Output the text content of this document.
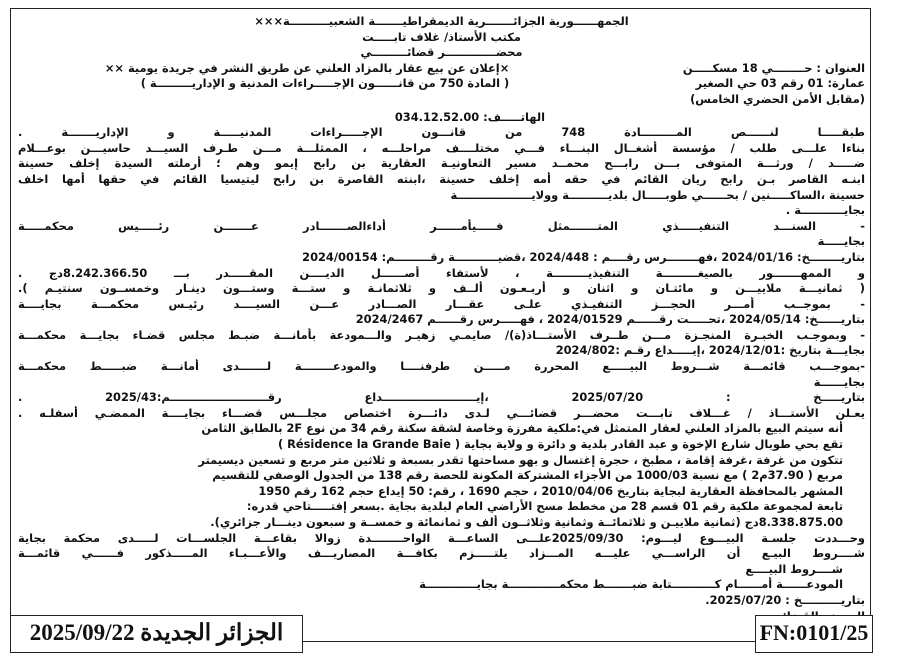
الجمهــــــورية الجزائـــــــرية الديمقراطيـــــــة الشعبيــــــــــة×××
مكتب الأستاذ/ غلاف تابـــــت
محضـــــــــــــر قضائـــــــــي
العنوان : حــــــــي 18 مسكـــــن
عمارة: 01 رقم 03 حي الصغير
(مقابل الأمن الحضري الخامس)
×إعلان عن بيع عقار بالمزاد العلني عن طريق النشر في جريدة يومية ××
( المادة 750 من قانــــــون الإجـــــراءات المدنية و الإداريـــــــــة )
الهاتـــــف: 034.12.52.00
طبقـــــا لنــــــص المـــــــــادة 748 من قانـــون الإجـــــراءات المدنيـــــة و الإداريـــــــة .
بناءا علـــى طلب / مؤسسة أشغــال البنـــاء فـــي مختلــــف مراحلـــه ، الممثلـــة مـــن طـرف السيـــد حاسيـــن بوعـــلام
ضـــــد / ورثـــة المتوفى بـــن رابـــح محمــد مسير التعاونيـة العقارية بن رابح إيمو وهم ؛ أرملته السيدة إخلف حسينة
ابنـه القاصر بـن رابح ريان القائم في حقه أمه إخلف حسينة ،ابنته القاصرة بن رابح ليتيسيا القائم في حقها أمها اخلف
حسينة ،الساكـــــنين / بحــــــي طوبـــــال بلديــــــــــة وولايـــــــــــــــــــة
بجايـــــــــــة .
- السنـــد التنفيـــــذي المتـــــــمثل فـــــيأمــــــر أداءالصـــــــادر عـــــــن رئـــــيس محكمـــــة
بجايـــــة
بتاريــــــــخ: 2024/01/16 ،فهــــــــرس رقــــم : 2024/448 ،قضيـــــــــــة رقـــــــــم: 2024/00154
و الممهـــــــور بالصيغـــــــــة التنفيذيـــــــــة ، لأستفاء أصــــــل الديــــن المقـــــدر بـــ 8.242.366.50دج .
( ثمانيـــة ملاييـــن و مائتـان و اثنان و أربـعـون ألــف و ثلاثمانـة و ستـــة وستـــون دينـار وخمســون سنتيـم ).
- بموجــب أمـــر الحجـــز التنفيـذي علـى عقـــار الصـــادر عـــن السيــــد رئيـس محكمـــة بجايــــة
بتاريــــــخ: 2024/05/14 ،تحـــــت رقــــــم 2024/01529 ، فهـــــرس رقــــــم 2024/2467
- وبموجـب الخبـرة المنجـزة مـــن طــرف الأستـــاذ(ة)/ صايمـي زهيـر والـــمودعة بأمانـــة ضبـط مجلس قضـاء بجايـــة محكمـــة
بجايـــة بتاريخ :2024/12/01 ،إيـــــداع رقـم :2024/802
-بموجـــب قائمـــة شـــروط البيـــــع المحررة مـــــن طرفنــــا والمودعــــــــة لـــــــدى أمانـــة ضبـــــط محكمـــة
بجايــــــة
بتاريـــــخ : 2025/07/20 ،إيــــــــــــــــــــــــداع رقـــــــــــــــــــــــــم:2025/43 .
يعـلن الأستـــاذ / غـــلاف تابـــت محضـــر قضائـــي لـدى دائـــرة اختصاص مجلـــس قضـــاء بجايــــة الممضـي أسفلـه .
أنه سيتم البيع بالمزاد العلني لعقار المتمثل في:ملكية مفرزة وخاصة لشقة سكنة رقم 34 من نوع 2F بالطابق الثامن
تقع بحي طوبال شارع الإخوة و عبد القادر بلدية و دائرة و ولاية بجاية ( Résidence la Grande Baie )
تتكون من غرفة ،غرفة إقامة ، مطبخ ، حجرة إغتسال و بهو مساحتها تقدر بسبعة و ثلاثين متر مربع و تسعين ديسيمتر
مربع ( 37.90م2 ) مع نسبة 1000/03 من الأجزاء المشتركة المكونة للحصة رقم 138 من الجدول الوصفي للتقسيم
المشهر بالمحافظة العقارية لبجاية بتاريخ 2010/04/06 ، حجم 1690 ، رقم: 50 إيداع حجم 162 رقم 1950
تابعة لمجموعة ملكية رقم 01 قسم 28 من مخطط مسح الأراضي العام لبلدية بجاية .بسعر إفتـــــتاحي قدره:
8.338.875.00دج (ثمانية ملاييـن و ثلاثمائــة وثمانية وثلاثــون ألف و ثمانمائة و خمســة و سبعون دينـــار جزائري).
وحـــددت جلسـة البيـــوع ليـــوم: 2025/09/30علـــى الساعـــة الواحــــــــدة زوالا بقاعـــة الجلســـات لـــــدى محكمة بجاية
شــــروط البيـع أن الراســـي عليـــه المـــزاد يلتـــــزم بكافـــة المصاريـــف والأعـــبـاء المـــــذكور فــــــي قائمـــة
شــــروط البيــــع
المودعــــــة أمــــــام كـــــــــــتابة ضبـــــــط محكمـــــــــــــة بجايـــــــــــــة
بتاريــــــــــخ : 2025/07/20.
الجزائر الجديدة 2025/09/22	FN:0101/25
